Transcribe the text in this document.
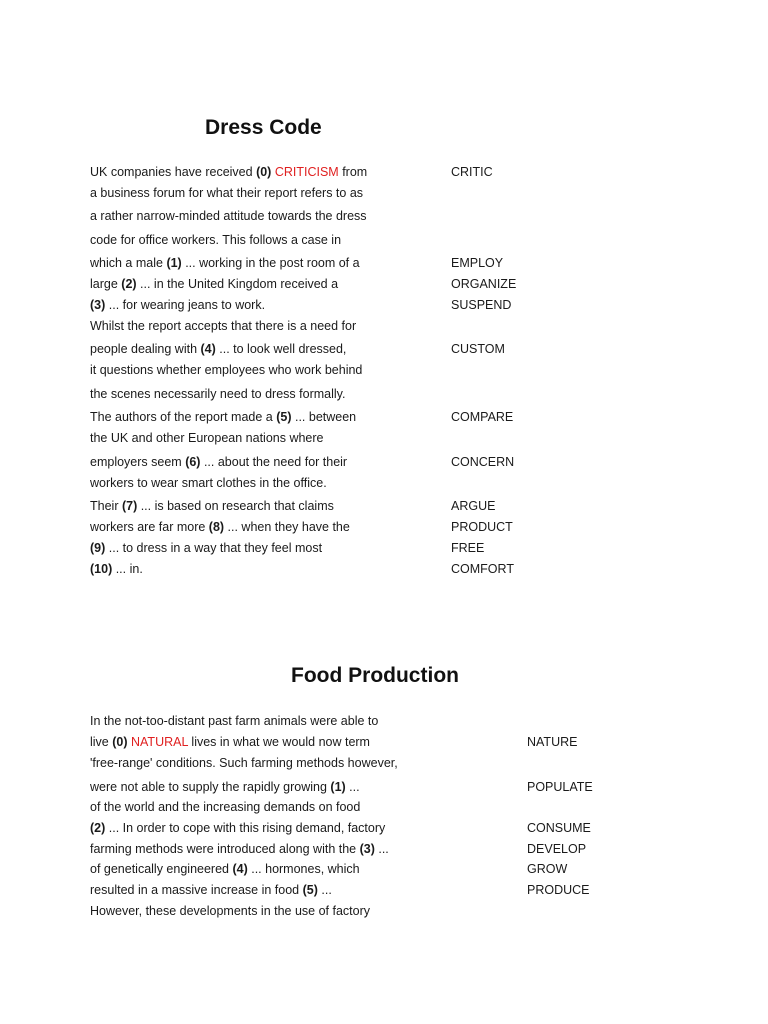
Dress Code
UK companies have received (0) CRITICISM from
a business forum for what their report refers to as
a rather narrow-minded attitude towards the dress
code for office workers. This follows a case in
which a male (1) ... working in the post room of a
large (2) ... in the United Kingdom received a
(3) ... for wearing jeans to work.
Whilst the report accepts that there is a need for
people dealing with (4) ... to look well dressed,
it questions whether employees who work behind
the scenes necessarily need to dress formally.
The authors of the report made a (5) ... between
the UK and other European nations where
employers seem (6) ... about the need for their
workers to wear smart clothes in the office.
Their (7) ... is based on research that claims
workers are far more (8) ... when they have the
(9) ... to dress in a way that they feel most
(10) ... in.
CRITIC
EMPLOY
ORGANIZE
SUSPEND
CUSTOM
COMPARE
CONCERN
ARGUE
PRODUCT
FREE
COMFORT
Food Production
In the not-too-distant past farm animals were able to
live (0) NATURAL lives in what we would now term
'free-range' conditions. Such farming methods however,
were not able to supply the rapidly growing (1) ...
of the world and the increasing demands on food
(2) ... In order to cope with this rising demand, factory
farming methods were introduced along with the (3) ...
of genetically engineered (4) ... hormones, which
resulted in a massive increase in food (5) ...
However, these developments in the use of factory
NATURE
POPULATE
CONSUME
DEVELOP
GROW
PRODUCE
